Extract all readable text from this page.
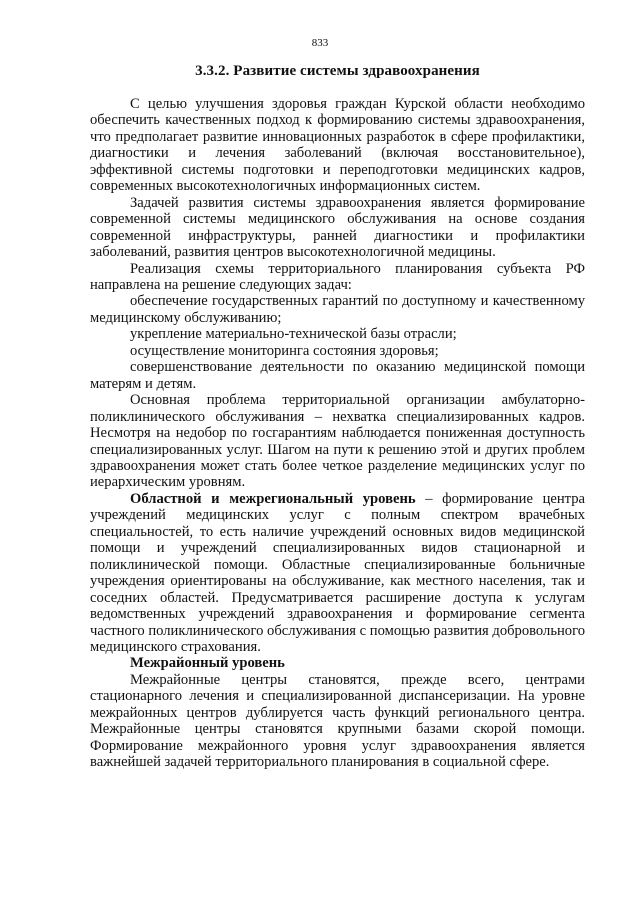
833
3.3.2. Развитие системы здравоохранения

С целью улучшения здоровья граждан Курской области необходимо обеспечить качественных подход к формированию системы здравоохранения, что предполагает развитие инновационных разработок в сфере профилактики, диагностики и лечения заболеваний (включая восстановительное), эффективной системы подготовки и переподготовки медицинских кадров, современных высокотехнологичных информационных систем.

Задачей развития системы здравоохранения является формирование современной системы медицинского обслуживания на основе создания современной инфраструктуры, ранней диагностики и профилактики заболеваний, развития центров высокотехнологичной медицины.

Реализация схемы территориального планирования субъекта РФ направлена на решение следующих задач:

обеспечение государственных гарантий по доступному и качественному медицинскому обслуживанию;

укрепление материально-технической базы отрасли;

осуществление мониторинга состояния здоровья;

совершенствование деятельности по оказанию медицинской помощи матерям и детям.

Основная проблема территориальной организации амбулаторно-поликлинического обслуживания – нехватка специализированных кадров. Несмотря на недобор по госгарантиям наблюдается пониженная доступность специализированных услуг. Шагом на пути к решению этой и других проблем здравоохранения может стать более четкое разделение медицинских услуг по иерархическим уровням.

Областной и межрегиональный уровень – формирование центра учреждений медицинских услуг с полным спектром врачебных специальностей, то есть наличие учреждений основных видов медицинской помощи и учреждений специализированных видов стационарной и поликлинической помощи. Областные специализированные больничные учреждения ориентированы на обслуживание, как местного населения, так и соседних областей. Предусматривается расширение доступа к услугам ведомственных учреждений здравоохранения и формирование сегмента частного поликлинического обслуживания с помощью развития добровольного медицинского страхования.

Межрайонный уровень

Межрайонные центры становятся, прежде всего, центрами стационарного лечения и специализированной диспансеризации. На уровне межрайонных центров дублируется часть функций регионального центра. Межрайонные центры становятся крупными базами скорой помощи. Формирование межрайонного уровня услуг здравоохранения является важнейшей задачей территориального планирования в социальной сфере.
